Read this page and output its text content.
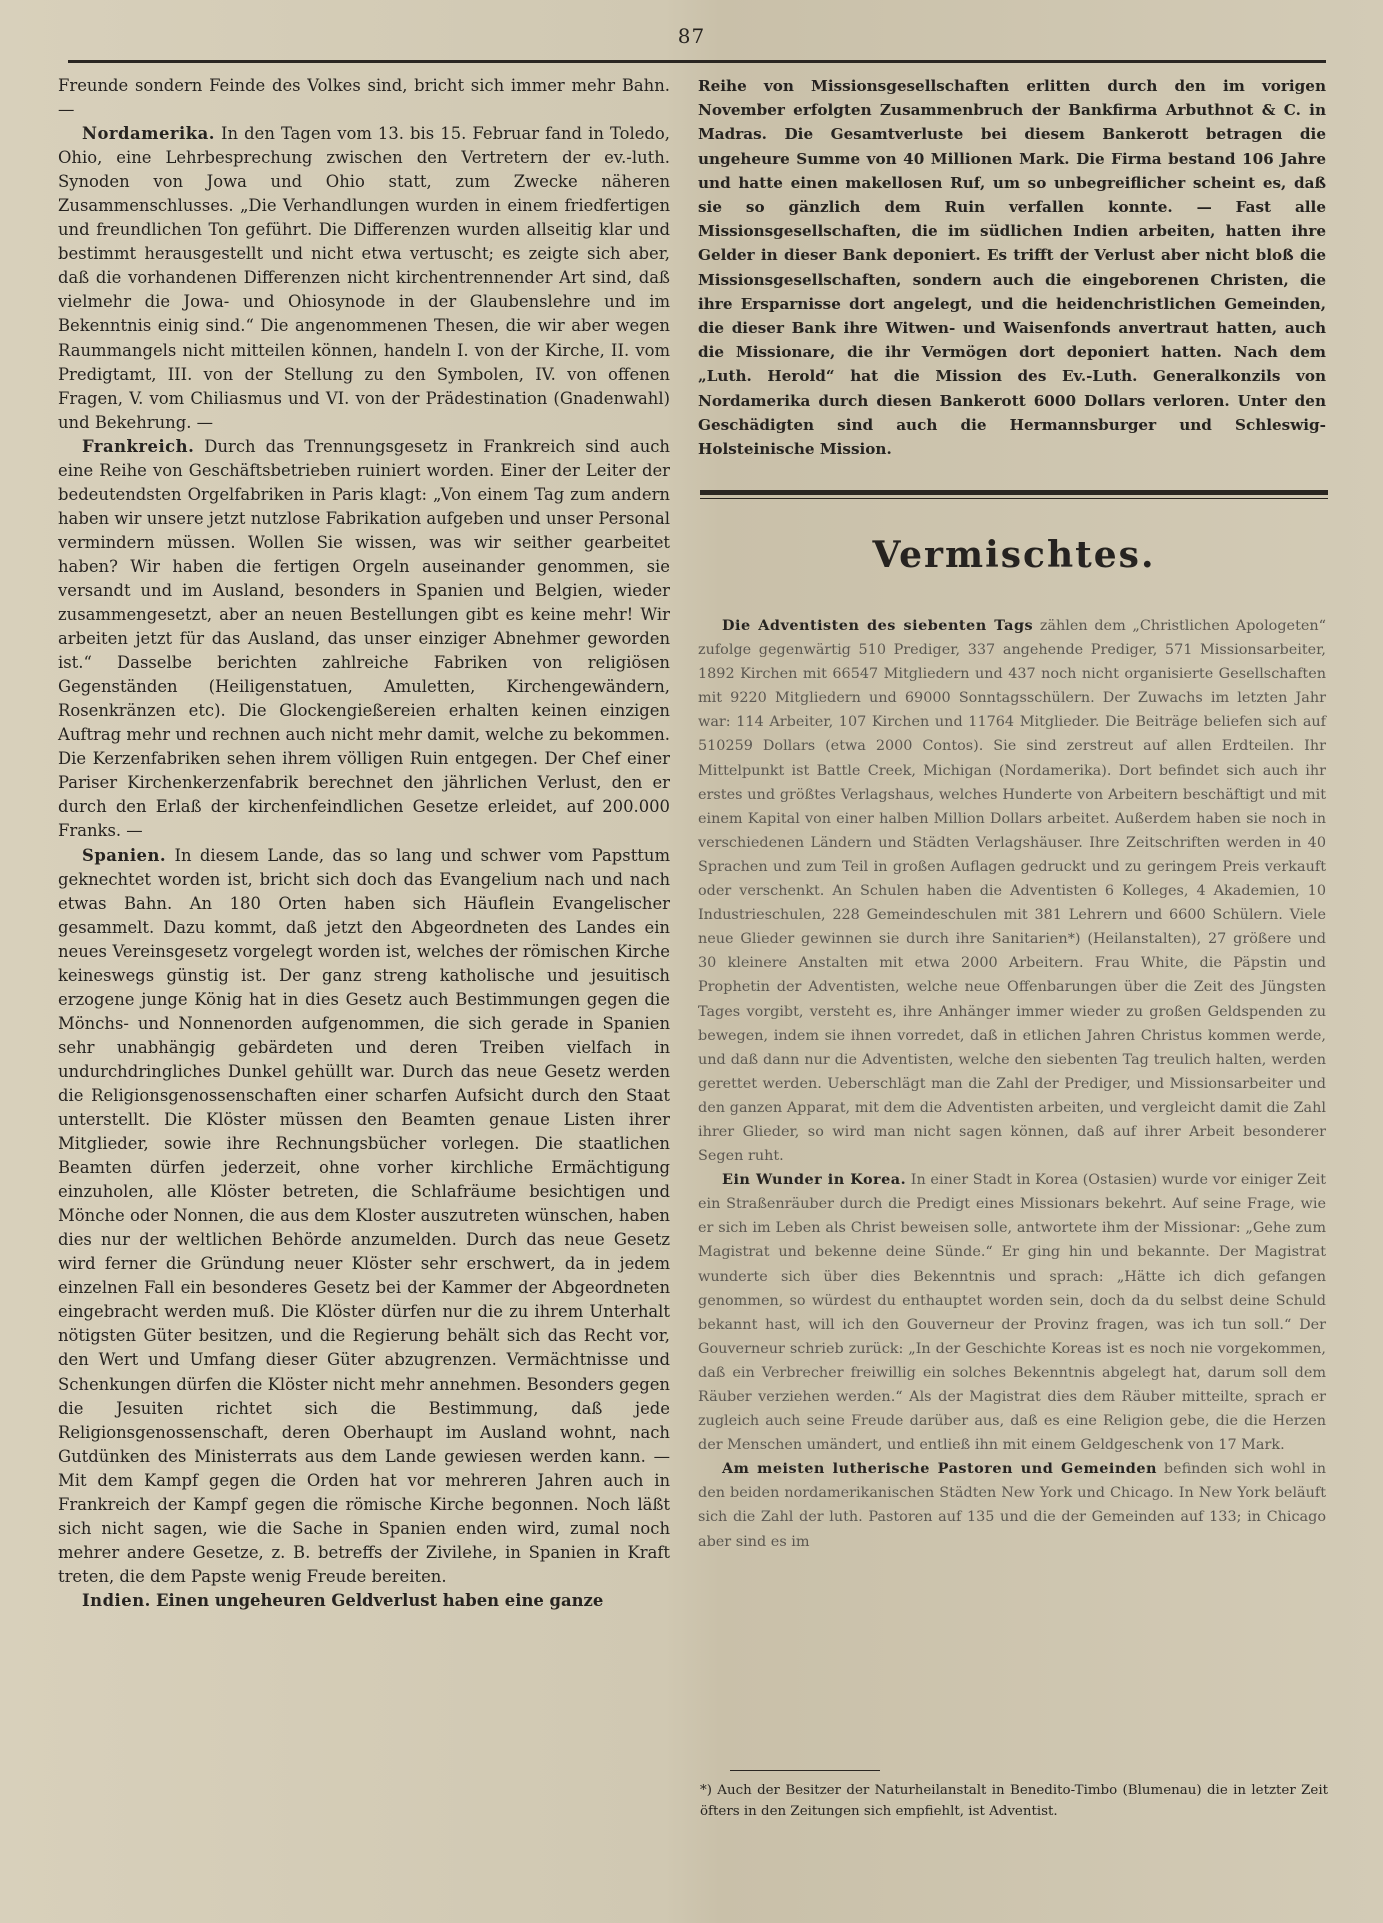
87

Freunde sondern Feinde des Volkes sind, bricht sich immer mehr Bahn. —

Nordamerika. In den Tagen vom 13. bis 15. Februar fand in Toledo, Ohio, eine Lehrbesprechung zwischen den Vertretern der ev.-luth. Synoden von Jowa und Ohio statt, zum Zwecke näheren Zusammenschlusses. „Die Verhandlungen wurden in einem friedfertigen und freundlichen Ton geführt. Die Differenzen wurden allseitig klar und bestimmt herausgestellt und nicht etwa vertuscht; es zeigte sich aber, daß die vorhandenen Differenzen nicht kirchentrennender Art sind, daß vielmehr die Jowa- und Ohiosynode in der Glaubenslehre und im Bekenntnis einig sind.“ Die angenommenen Thesen, die wir aber wegen Raummangels nicht mitteilen können, handeln I. von der Kirche, II. vom Predigtamt, III. von der Stellung zu den Symbolen, IV. von offenen Fragen, V. vom Chiliasmus und VI. von der Prädestination (Gnadenwahl) und Bekehrung. —

Frankreich. Durch das Trennungsgesetz in Frankreich sind auch eine Reihe von Geschäftsbetrieben ruiniert worden. Einer der Leiter der bedeutendsten Orgelfabriken in Paris klagt: „Von einem Tag zum andern haben wir unsere jetzt nutzlose Fabrikation aufgeben und unser Personal vermindern müssen. Wollen Sie wissen, was wir seither gearbeitet haben? Wir haben die fertigen Orgeln auseinander genommen, sie versandt und im Ausland, besonders in Spanien und Belgien, wieder zusammengesetzt, aber an neuen Bestellungen gibt es keine mehr! Wir arbeiten jetzt für das Ausland, das unser einziger Abnehmer geworden ist.“ Dasselbe berichten zahlreiche Fabriken von religiösen Gegenständen (Heiligenstatuen, Amuletten, Kirchengewändern, Rosenkränzen etc). Die Glockengießereien erhalten keinen einzigen Auftrag mehr und rechnen auch nicht mehr damit, welche zu bekommen. Die Kerzenfabriken sehen ihrem völligen Ruin entgegen. Der Chef einer Pariser Kirchenkerzenfabrik berechnet den jährlichen Verlust, den er durch den Erlaß der kirchenfeindlichen Gesetze erleidet, auf 200.000 Franks. —

Spanien. In diesem Lande, das so lang und schwer vom Papsttum geknechtet worden ist, bricht sich doch das Evangelium nach und nach etwas Bahn. An 180 Orten haben sich Häuflein Evangelischer gesammelt. Dazu kommt, daß jetzt den Abgeordneten des Landes ein neues Vereinsgesetz vorgelegt worden ist, welches der römischen Kirche keineswegs günstig ist. Der ganz streng katholische und jesuitisch erzogene junge König hat in dies Gesetz auch Bestimmungen gegen die Mönchs- und Nonnenorden aufgenommen, die sich gerade in Spanien sehr unabhängig gebärdeten und deren Treiben vielfach in undurchdringliches Dunkel gehüllt war. Durch das neue Gesetz werden die Religionsgenossenschaften einer scharfen Aufsicht durch den Staat unterstellt. Die Klöster müssen den Beamten genaue Listen ihrer Mitglieder, sowie ihre Rechnungsbücher vorlegen. Die staatlichen Beamten dürfen jederzeit, ohne vorher kirchliche Ermächtigung einzuholen, alle Klöster betreten, die Schlafräume besichtigen und Mönche oder Nonnen, die aus dem Kloster auszutreten wünschen, haben dies nur der weltlichen Behörde anzumelden. Durch das neue Gesetz wird ferner die Gründung neuer Klöster sehr erschwert, da in jedem einzelnen Fall ein besonderes Gesetz bei der Kammer der Abgeordneten eingebracht werden muß. Die Klöster dürfen nur die zu ihrem Unterhalt nötigsten Güter besitzen, und die Regierung behält sich das Recht vor, den Wert und Umfang dieser Güter abzugrenzen. Vermächtnisse und Schenkungen dürfen die Klöster nicht mehr annehmen. Besonders gegen die Jesuiten richtet sich die Bestimmung, daß jede Religionsgenossenschaft, deren Oberhaupt im Ausland wohnt, nach Gutdünken des Ministerrats aus dem Lande gewiesen werden kann. — Mit dem Kampf gegen die Orden hat vor mehreren Jahren auch in Frankreich der Kampf gegen die römische Kirche begonnen. Noch läßt sich nicht sagen, wie die Sache in Spanien enden wird, zumal noch mehrer andere Gesetze, z. B. betreffs der Zivilehe, in Spanien in Kraft treten, die dem Papste wenig Freude bereiten.

Indien. Einen ungeheuren Geldverlust haben eine ganze

Reihe von Missionsgesellschaften erlitten durch den im vorigen November erfolgten Zusammenbruch der Bankfirma Arbuthnot & C. in Madras. Die Gesamtverluste bei diesem Bankerott betragen die ungeheure Summe von 40 Millionen Mark. Die Firma bestand 106 Jahre und hatte einen makellosen Ruf, um so unbegreiflicher scheint es, daß sie so gänzlich dem Ruin verfallen konnte. — Fast alle Missionsgesellschaften, die im südlichen Indien arbeiten, hatten ihre Gelder in dieser Bank deponiert. Es trifft der Verlust aber nicht bloß die Missionsgesellschaften, sondern auch die eingeborenen Christen, die ihre Ersparnisse dort angelegt, und die heidenchristlichen Gemeinden, die dieser Bank ihre Witwen- und Waisenfonds anvertraut hatten, auch die Missionare, die ihr Vermögen dort deponiert hatten. Nach dem „Luth. Herold“ hat die Mission des Ev.-Luth. Generalkonzils von Nordamerika durch diesen Bankerott 6000 Dollars verloren. Unter den Geschädigten sind auch die Hermannsburger und Schleswig-Holsteinische Mission.

Vermischtes.

Die Adventisten des siebenten Tags zählen dem „Christlichen Apologeten“ zufolge gegenwärtig 510 Prediger, 337 angehende Prediger, 571 Missionsarbeiter, 1892 Kirchen mit 66547 Mitgliedern und 437 noch nicht organisierte Gesellschaften mit 9220 Mitgliedern und 69000 Sonntagsschülern. Der Zuwachs im letzten Jahr war: 114 Arbeiter, 107 Kirchen und 11764 Mitglieder. Die Beiträge beliefen sich auf 510259 Dollars (etwa 2000 Contos). Sie sind zerstreut auf allen Erdteilen. Ihr Mittelpunkt ist Battle Creek, Michigan (Nordamerika). Dort befindet sich auch ihr erstes und größtes Verlagshaus, welches Hunderte von Arbeitern beschäftigt und mit einem Kapital von einer halben Million Dollars arbeitet. Außerdem haben sie noch in verschiedenen Ländern und Städten Verlagshäuser. Ihre Zeitschriften werden in 40 Sprachen und zum Teil in großen Auflagen gedruckt und zu geringem Preis verkauft oder verschenkt. An Schulen haben die Adventisten 6 Kolleges, 4 Akademien, 10 Industrieschulen, 228 Gemeindeschulen mit 381 Lehrern und 6600 Schülern. Viele neue Glieder gewinnen sie durch ihre Sanitarien*) (Heilanstalten), 27 größere und 30 kleinere Anstalten mit etwa 2000 Arbeitern. Frau White, die Päpstin und Prophetin der Adventisten, welche neue Offenbarungen über die Zeit des Jüngsten Tages vorgibt, versteht es, ihre Anhänger immer wieder zu großen Geldspenden zu bewegen, indem sie ihnen vorredet, daß in etlichen Jahren Christus kommen werde, und daß dann nur die Adventisten, welche den siebenten Tag treulich halten, werden gerettet werden. Ueberschlägt man die Zahl der Prediger, und Missionsarbeiter und den ganzen Apparat, mit dem die Adventisten arbeiten, und vergleicht damit die Zahl ihrer Glieder, so wird man nicht sagen können, daß auf ihrer Arbeit besonderer Segen ruht.

Ein Wunder in Korea. In einer Stadt in Korea (Ostasien) wurde vor einiger Zeit ein Straßenräuber durch die Predigt eines Missionars bekehrt. Auf seine Frage, wie er sich im Leben als Christ beweisen solle, antwortete ihm der Missionar: „Gehe zum Magistrat und bekenne deine Sünde.“ Er ging hin und bekannte. Der Magistrat wunderte sich über dies Bekenntnis und sprach: „Hätte ich dich gefangen genommen, so würdest du enthauptet worden sein, doch da du selbst deine Schuld bekannt hast, will ich den Gouverneur der Provinz fragen, was ich tun soll.“ Der Gouverneur schrieb zurück: „In der Geschichte Koreas ist es noch nie vorgekommen, daß ein Verbrecher freiwillig ein solches Bekenntnis abgelegt hat, darum soll dem Räuber verziehen werden.“ Als der Magistrat dies dem Räuber mitteilte, sprach er zugleich auch seine Freude darüber aus, daß es eine Religion gebe, die die Herzen der Menschen umändert, und entließ ihn mit einem Geldgeschenk von 17 Mark.

Am meisten lutherische Pastoren und Gemeinden befinden sich wohl in den beiden nordamerikanischen Städten New York und Chicago. In New York beläuft sich die Zahl der luth. Pastoren auf 135 und die der Gemeinden auf 133; in Chicago aber sind es im

*) Auch der Besitzer der Naturheilanstalt in Benedito-Timbo (Blumenau) die in letzter Zeit öfters in den Zeitungen sich empfiehlt, ist Adventist.
